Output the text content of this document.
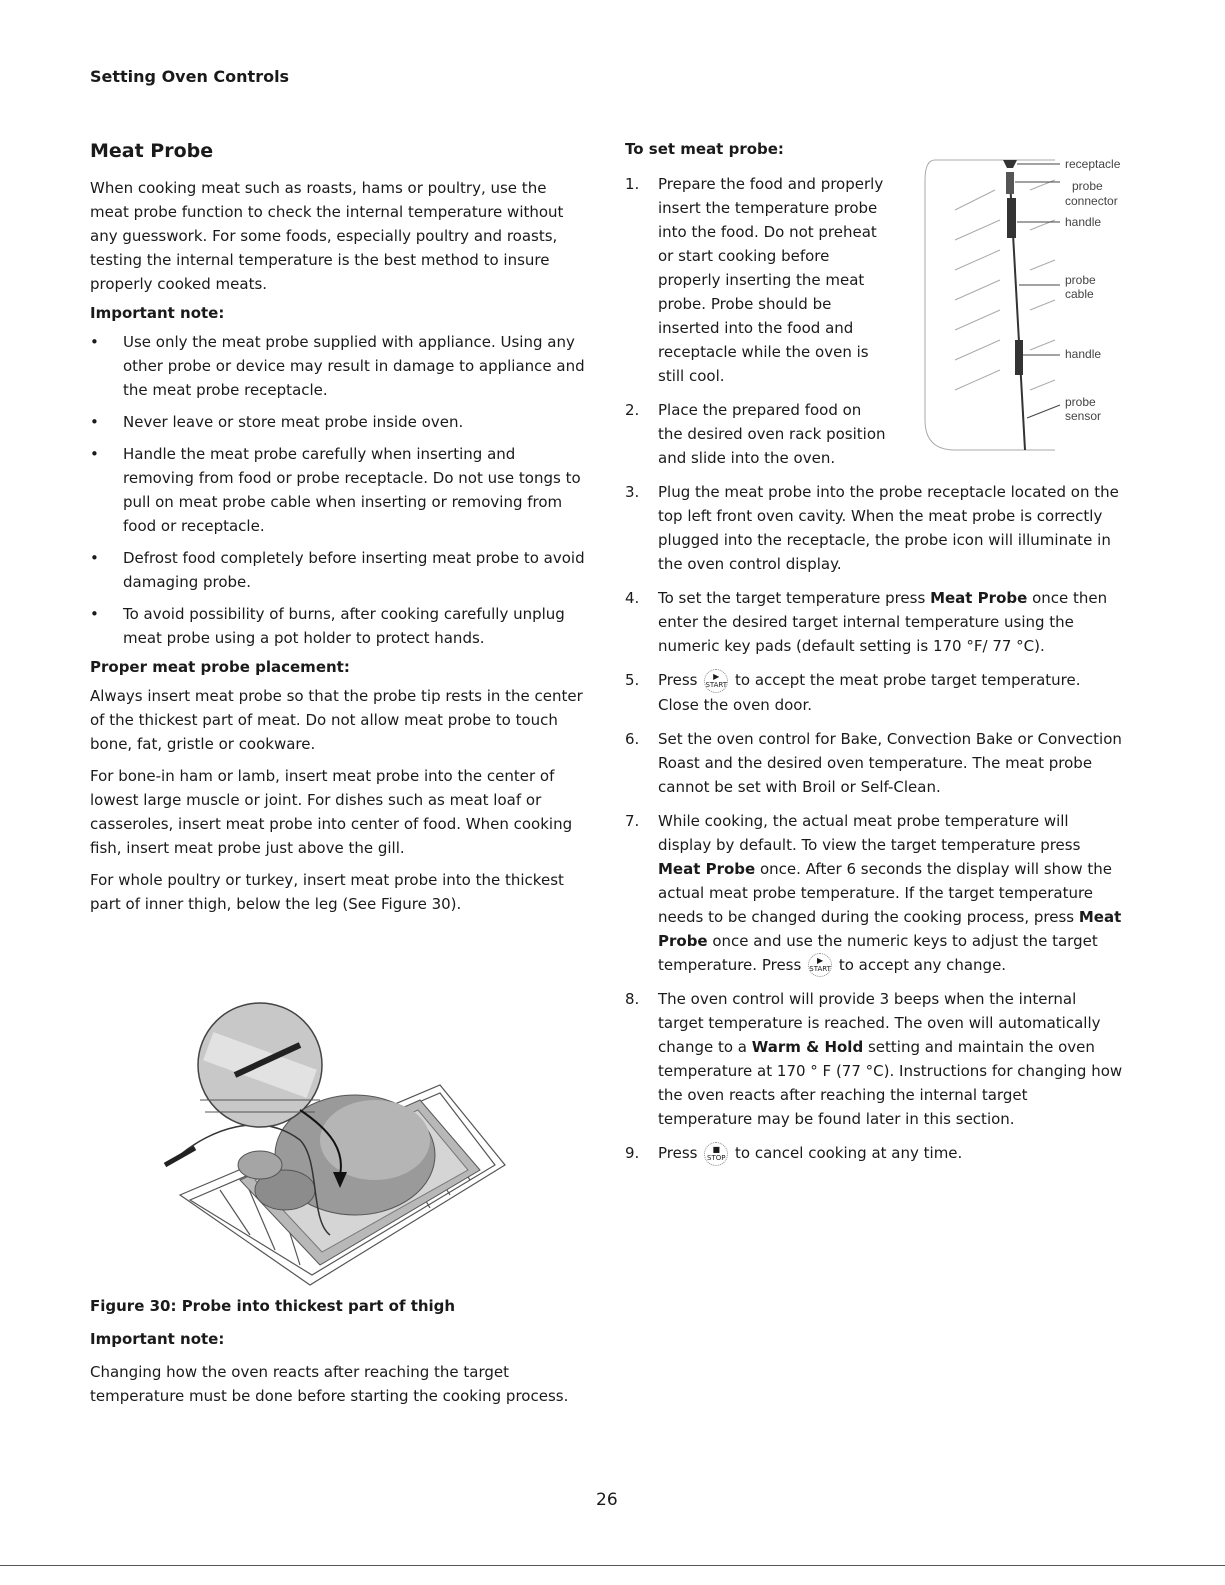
Setting Oven Controls
Meat Probe

When cooking meat such as roasts, hams or poultry, use the meat probe function to check the internal temperature without any guesswork. For some foods, especially poultry and roasts, testing the internal temperature is the best method to insure properly cooked meats.

Important note:
• Use only the meat probe supplied with appliance. Using any other probe or device may result in damage to appliance and the meat probe receptacle.
• Never leave or store meat probe inside oven.
• Handle the meat probe carefully when inserting and removing from food or probe receptacle. Do not use tongs to pull on meat probe cable when inserting or removing from food or receptacle.
• Defrost food completely before inserting meat probe to avoid damaging probe.
• To avoid possibility of burns, after cooking carefully unplug meat probe using a pot holder to protect hands.
Proper meat probe placement:

Always insert meat probe so that the probe tip rests in the center of the thickest part of meat. Do not allow meat probe to touch bone, fat, gristle or cookware.

For bone-in ham or lamb, insert meat probe into the center of lowest large muscle or joint. For dishes such as meat loaf or casseroles, insert meat probe into center of food. When cooking fish, insert meat probe just above the gill.

For whole poultry or turkey, insert meat probe into the thickest part of inner thigh, below the leg (See Figure 30).

Figure 30: Probe into thickest part of thigh
Important note:
Changing how the oven reacts after reaching the target temperature must be done before starting the cooking process.
To set meat probe:
1. Prepare the food and properly insert the temperature probe into the food. Do not preheat or start cooking before properly inserting the meat probe. Probe should be inserted into the food and receptacle while the oven is still cool.
2. Place the prepared food on the desired oven rack position and slide into the oven.
3. Plug the meat probe into the probe receptacle located on the top left front oven cavity. When the meat probe is correctly plugged into the receptacle, the probe icon will illuminate in the oven control display.
4. To set the target temperature press Meat Probe once then enter the desired target internal temperature using the numeric key pads (default setting is 170 °F/ 77 °C).
5. Press	▶
START to accept the meat probe target temperature. Close the oven door.
6. Set the oven control for Bake, Convection Bake or Convection Roast and the desired oven temperature. The meat probe cannot be set with Broil or Self-Clean.
7. While cooking, the actual meat probe temperature will display by default. To view the target temperature press Meat Probe once. After 6 seconds the display will show the actual meat probe temperature. If the target temperature needs to be changed during the cooking process, press Meat Probe once and use the numeric keys to adjust the target temperature. Press	▶
START to accept any change.
8. The oven control will provide 3 beeps when the internal target temperature is reached. The oven will automatically change to a Warm & Hold setting and maintain the oven temperature at 170 ° F (77 °C). Instructions for changing how the oven reacts after reaching the internal target temperature may be found later in this section.
9. Press	■
STOP to cancel cooking at any time.
receptacle
probe
connector
handle
probe
cable
handle
probe
sensor
26
